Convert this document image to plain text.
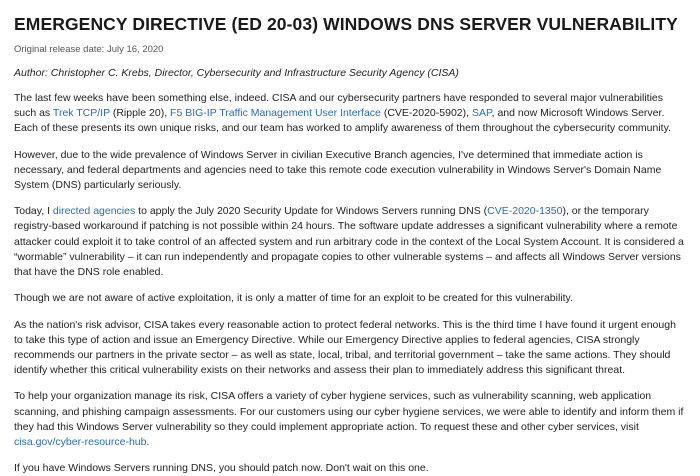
EMERGENCY DIRECTIVE (ED 20-03) WINDOWS DNS SERVER VULNERABILITY
Original release date: July 16, 2020
Author: Christopher C. Krebs, Director, Cybersecurity and Infrastructure Security Agency (CISA)

The last few weeks have been something else, indeed. CISA and our cybersecurity partners have responded to several major vulnerabilities such as Trek TCP/IP (Ripple 20), F5 BIG-IP Traffic Management User Interface (CVE-2020-5902), SAP, and now Microsoft Windows Server. Each of these presents its own unique risks, and our team has worked to amplify awareness of them throughout the cybersecurity community.

However, due to the wide prevalence of Windows Server in civilian Executive Branch agencies, I've determined that immediate action is necessary, and federal departments and agencies need to take this remote code execution vulnerability in Windows Server's Domain Name System (DNS) particularly seriously.

Today, I directed agencies to apply the July 2020 Security Update for Windows Servers running DNS (CVE-2020-1350), or the temporary registry-based workaround if patching is not possible within 24 hours. The software update addresses a significant vulnerability where a remote attacker could exploit it to take control of an affected system and run arbitrary code in the context of the Local System Account. It is considered a “wormable” vulnerability – it can run independently and propagate copies to other vulnerable systems – and affects all Windows Server versions that have the DNS role enabled.

Though we are not aware of active exploitation, it is only a matter of time for an exploit to be created for this vulnerability.

As the nation's risk advisor, CISA takes every reasonable action to protect federal networks. This is the third time I have found it urgent enough to take this type of action and issue an Emergency Directive. While our Emergency Directive applies to federal agencies, CISA strongly recommends our partners in the private sector – as well as state, local, tribal, and territorial government – take the same actions. They should identify whether this critical vulnerability exists on their networks and assess their plan to immediately address this significant threat.

To help your organization manage its risk, CISA offers a variety of cyber hygiene services, such as vulnerability scanning, web application scanning, and phishing campaign assessments. For our customers using our cyber hygiene services, we were able to identify and inform them if they had this Windows Server vulnerability so they could implement appropriate action. To request these and other cyber services, visit cisa.gov/cyber-resource-hub.

If you have Windows Servers running DNS, you should patch now. Don't wait on this one.
